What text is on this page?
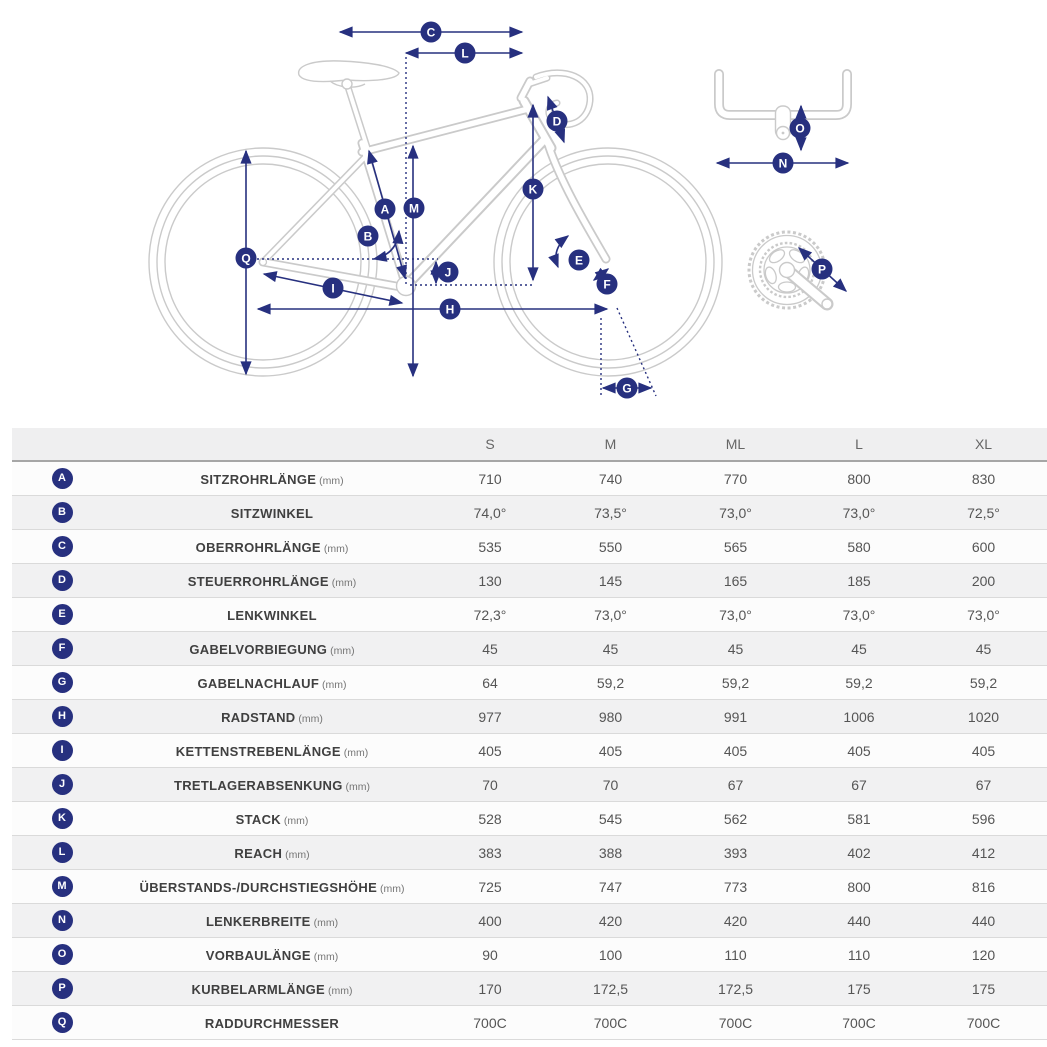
C
L
D
K
A M
B
Q	E
J
F
I
H
G
O
N
P
		S	M	ML	L	XL
A	SITZROHRLÄNGE (mm)	710	740	770	800	830
B	SITZWINKEL	74,0°	73,5°	73,0°	73,0°	72,5°
C	OBERROHRLÄNGE (mm)	535	550	565	580	600
D	STEUERROHRLÄNGE (mm)	130	145	165	185	200
E	LENKWINKEL	72,3°	73,0°	73,0°	73,0°	73,0°
F	GABELVORBIEGUNG (mm)	45	45	45	45	45
G	GABELNACHLAUF (mm)	64	59,2	59,2	59,2	59,2
H	RADSTAND (mm)	977	980	991	1006	1020
I	KETTENSTREBENLÄNGE (mm)	405	405	405	405	405
J	TRETLAGERABSENKUNG (mm)	70	70	67	67	67
K	STACK (mm)	528	545	562	581	596
L	REACH (mm)	383	388	393	402	412
M	ÜBERSTANDS-/DURCHSTIEGSHÖHE (mm)	725	747	773	800	816
N	LENKERBREITE (mm)	400	420	420	440	440
O	VORBAULÄNGE (mm)	90	100	110	110	120
P	KURBELARMLÄNGE (mm)	170	172,5	172,5	175	175
Q	RADDURCHMESSER	700C	700C	700C	700C	700C
